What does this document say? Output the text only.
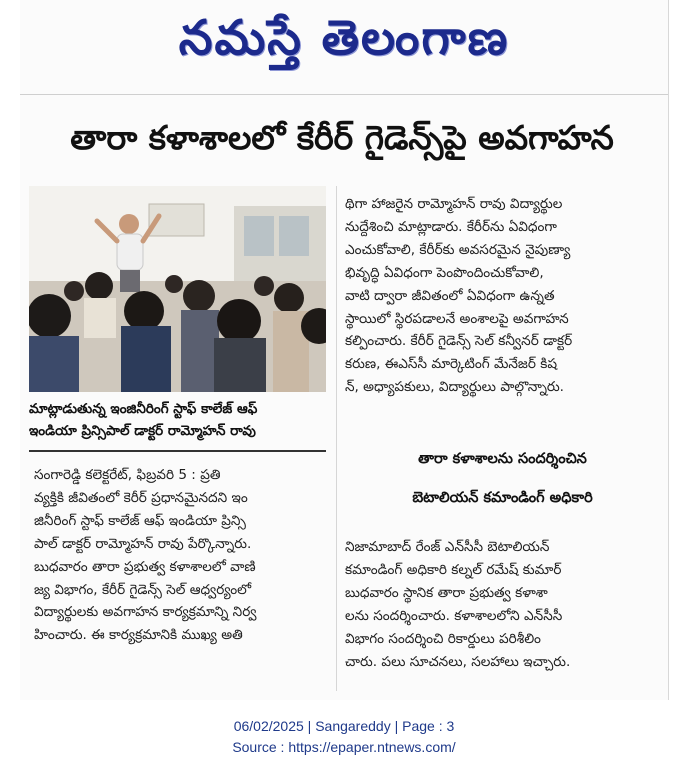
నమస్తే తెలంగాణ
తారా కళాశాలలో కేరీర్ గైడెన్స్‌పై అవగాహన
మాట్లాడుతున్న ఇంజినీరింగ్ స్టాఫ్ కాలేజ్ ఆఫ్
ఇండియా ప్రిన్సిపాల్ డాక్టర్ రామ్మోహన్ రావు
సంగారెడ్డి కలెక్టరేట్, ఫిబ్రవరి 5 : ప్రతి
వ్యక్తికి జీవితంలో కెరీర్ ప్రధానమైనదని ఇం
జినీరింగ్ స్టాఫ్ కాలేజ్ ఆఫ్ ఇండియా ప్రిన్సి
పాల్ డాక్టర్ రామ్మోహన్ రావు పేర్కొన్నారు.
బుధవారం తారా ప్రభుత్వ కళాశాలలో వాణి
జ్య విభాగం, కేరీర్ గైడెన్స్ సెల్ ఆధ్వర్యంలో
విద్యార్థులకు అవగాహన కార్యక్రమాన్ని నిర్వ
హించారు. ఈ కార్యక్రమానికి ముఖ్య అతి
థిగా హాజరైన రామ్మోహన్ రావు విద్యార్థుల
నుద్దేశించి మాట్లాడారు. కేరీర్‌ను ఏవిధంగా
ఎంచుకోవాలి, కేరీర్‌కు అవసరమైన నైపుణ్యా
భివృద్ధి ఏవిధంగా పెంపొందించుకోవాలి,
వాటి ద్వారా జీవితంలో ఏవిధంగా ఉన్నత
స్థాయిలో స్థిరపడాలనే అంశాలపై అవగాహన
కల్పించారు. కేరీర్ గైడెన్స్ సెల్ కన్వీనర్ డాక్టర్
కరుణ, ఈఎస్‌సీ మార్కెటింగ్ మేనేజర్ కిష
న్, అధ్యాపకులు, విద్యార్థులు పాల్గొన్నారు.
తారా కళాశాలను సందర్శించిన
బెటాలియన్ కమాండింగ్ అధికారి
నిజామాబాద్ రేంజ్ ఎన్‌సీసీ బెటాలియన్
కమాండింగ్ అధికారి కల్నల్ రమేష్ కుమార్
బుధవారం స్థానిక తారా ప్రభుత్వ కళాశా
లను సందర్శించారు. కళాశాలలోని ఎన్‌సీసీ
విభాగం సందర్శించి రికార్డులు పరిశీలిం
చారు. పలు సూచనలు, సలహాలు ఇచ్చారు.
06/02/2025 | Sangareddy | Page : 3
Source : https://epaper.ntnews.com/
